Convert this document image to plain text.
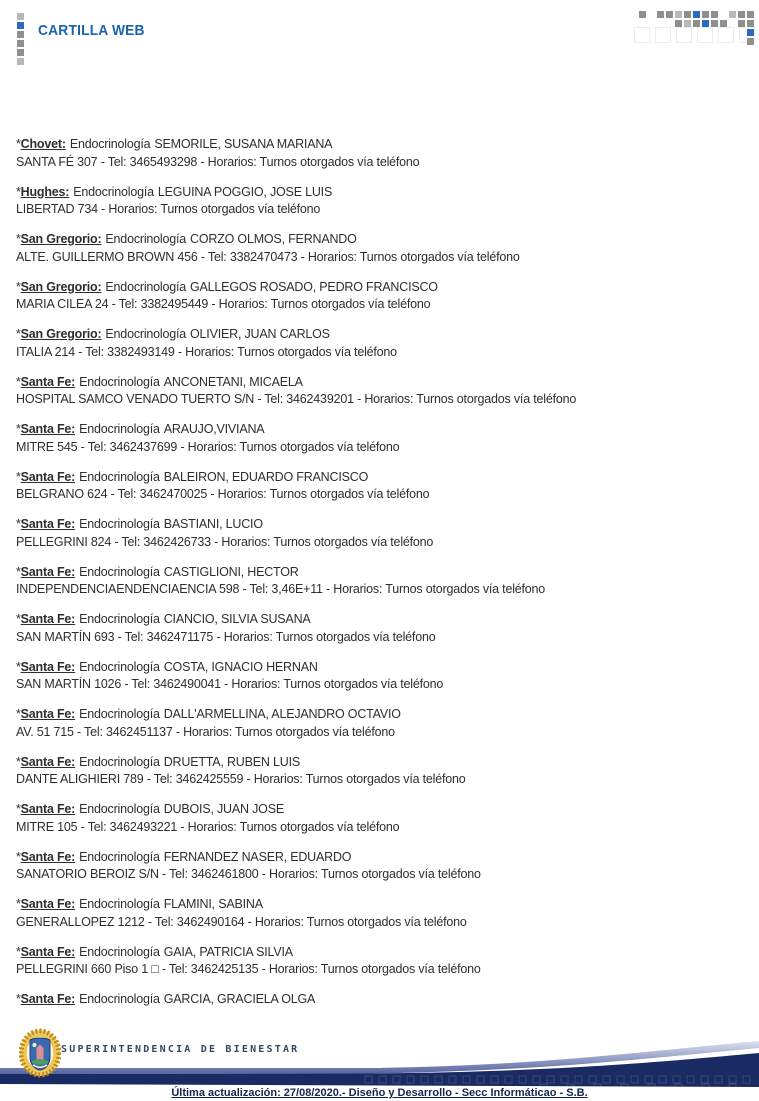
CARTILLA WEB
*Chovet: Endocrinología SEMORILE, SUSANA MARIANA
SANTA FÉ 307 - Tel: 3465493298 - Horarios: Turnos otorgados vía teléfono
*Hughes: Endocrinología LEGUINA POGGIO, JOSE LUIS
LIBERTAD 734 - Horarios: Turnos otorgados vía teléfono
*San Gregorio: Endocrinología CORZO OLMOS, FERNANDO
ALTE. GUILLERMO BROWN 456 - Tel: 3382470473 - Horarios: Turnos otorgados vía teléfono
*San Gregorio: Endocrinología GALLEGOS ROSADO, PEDRO FRANCISCO
MARIA CILEA 24 - Tel: 3382495449 - Horarios: Turnos otorgados vía teléfono
*San Gregorio: Endocrinología OLIVIER, JUAN CARLOS
ITALIA 214 - Tel: 3382493149 - Horarios: Turnos otorgados vía teléfono
*Santa Fe: Endocrinología ANCONETANI, MICAELA
HOSPITAL SAMCO VENADO TUERTO S/N - Tel: 3462439201 - Horarios: Turnos otorgados vía teléfono
*Santa Fe: Endocrinología ARAUJO,VIVIANA
MITRE 545 - Tel: 3462437699 - Horarios: Turnos otorgados vía teléfono
*Santa Fe: Endocrinología BALEIRON, EDUARDO FRANCISCO
BELGRANO 624 - Tel: 3462470025 - Horarios: Turnos otorgados vía teléfono
*Santa Fe: Endocrinología BASTIANI, LUCIO
PELLEGRINI 824 - Tel: 3462426733 - Horarios: Turnos otorgados vía teléfono
*Santa Fe: Endocrinología CASTIGLIONI, HECTOR
INDEPENDENCIAENDENCIAENCIA 598 - Tel: 3,46E+11 - Horarios: Turnos otorgados vía teléfono
*Santa Fe: Endocrinología CIANCIO, SILVIA SUSANA
SAN MARTÍN 693 - Tel: 3462471175 - Horarios: Turnos otorgados vía teléfono
*Santa Fe: Endocrinología COSTA, IGNACIO HERNAN
SAN MARTÍN 1026 - Tel: 3462490041 - Horarios: Turnos otorgados vía teléfono
*Santa Fe: Endocrinología DALL'ARMELLINA, ALEJANDRO OCTAVIO
AV. 51 715 - Tel: 3462451137 - Horarios: Turnos otorgados vía teléfono
*Santa Fe: Endocrinología DRUETTA, RUBEN LUIS
DANTE ALIGHIERI 789 - Tel: 3462425559 - Horarios: Turnos otorgados vía teléfono
*Santa Fe: Endocrinología DUBOIS, JUAN JOSE
MITRE 105 - Tel: 3462493221 - Horarios: Turnos otorgados vía teléfono
*Santa Fe: Endocrinología FERNANDEZ NASER, EDUARDO
SANATORIO BEROIZ S/N - Tel: 3462461800 - Horarios: Turnos otorgados vía teléfono
*Santa Fe: Endocrinología FLAMINI, SABINA
GENERALLOPEZ 1212 - Tel: 3462490164 - Horarios: Turnos otorgados vía teléfono
*Santa Fe: Endocrinología GAIA, PATRICIA SILVIA
PELLEGRINI 660 Piso 1 □ - Tel: 3462425135 - Horarios: Turnos otorgados vía teléfono
*Santa Fe: Endocrinología GARCIA, GRACIELA OLGA
SUPERINTENDENCIA DE BIENESTAR
Última actualización: 27/08/2020.- Diseño y Desarrollo - Secc Informáticao - S.B.
